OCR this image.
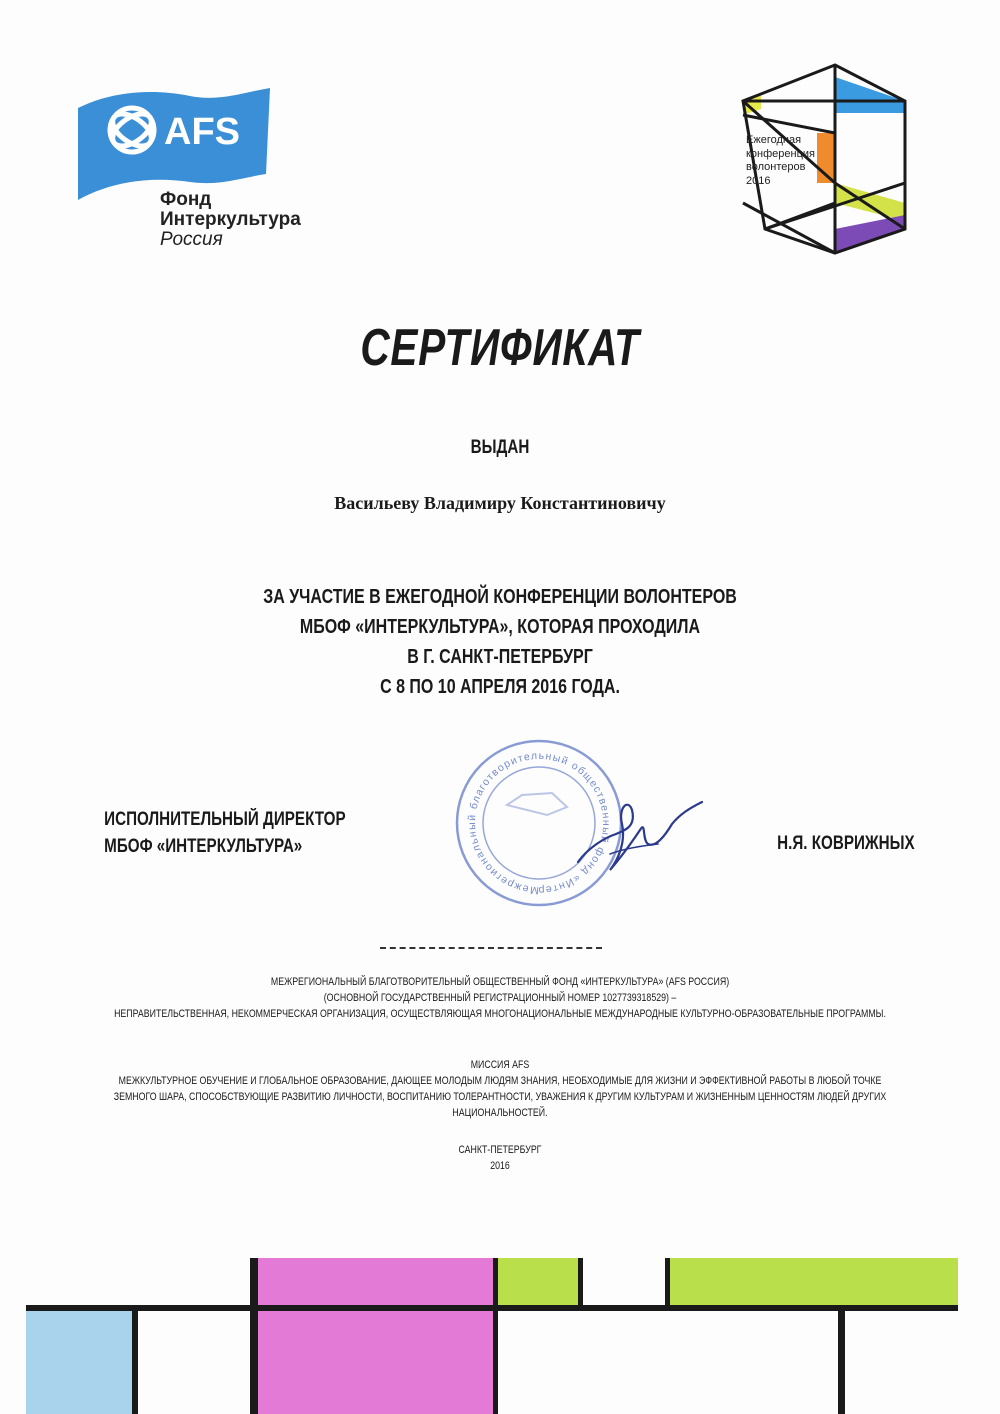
AFS
Фонд
Интеркультура
Россия
Ежегодная
конференция
волонтеров
2016
СЕРТИФИКАТ
ВЫДАН
Васильеву Владимиру Константиновичу
ЗА УЧАСТИЕ В ЕЖЕГОДНОЙ КОНФЕРЕНЦИИ ВОЛОНТЕРОВ
МБОФ «ИНТЕРКУЛЬТУРА», КОТОРАЯ ПРОХОДИЛА
В Г. САНКТ-ПЕТЕРБУРГ
С 8 ПО 10 АПРЕЛЯ 2016 ГОДА.
ИСПОЛНИТЕЛЬНЫЙ ДИРЕКТОР
МБОФ «ИНТЕРКУЛЬТУРА»	Н.Я. КОВРИЖНЫХ
Межрегиональный благотворительный общественный фонд «Интер
МЕЖРЕГИОНАЛЬНЫЙ БЛАГОТВОРИТЕЛЬНЫЙ ОБЩЕСТВЕННЫЙ ФОНД «ИНТЕРКУЛЬТУРА» (AFS РОССИЯ)
(ОСНОВНОЙ ГОСУДАРСТВЕННЫЙ РЕГИСТРАЦИОННЫЙ НОМЕР 1027739318529) –
НЕПРАВИТЕЛЬСТВЕННАЯ, НЕКОММЕРЧЕСКАЯ ОРГАНИЗАЦИЯ, ОСУЩЕСТВЛЯЮЩАЯ МНОГОНАЦИОНАЛЬНЫЕ МЕЖДУНАРОДНЫЕ КУЛЬТУРНО-ОБРАЗОВАТЕЛЬНЫЕ ПРОГРАММЫ.
МИССИЯ AFS
МЕЖКУЛЬТУРНОЕ ОБУЧЕНИЕ И ГЛОБАЛЬНОЕ ОБРАЗОВАНИЕ, ДАЮЩЕЕ МОЛОДЫМ ЛЮДЯМ ЗНАНИЯ, НЕОБХОДИМЫЕ ДЛЯ ЖИЗНИ И ЭФФЕКТИВНОЙ РАБОТЫ В ЛЮБОЙ ТОЧКЕ
ЗЕМНОГО ШАРА, СПОСОБСТВУЮЩИЕ РАЗВИТИЮ ЛИЧНОСТИ, ВОСПИТАНИЮ ТОЛЕРАНТНОСТИ, УВАЖЕНИЯ К ДРУГИМ КУЛЬТУРАМ И ЖИЗНЕННЫМ ЦЕННОСТЯМ ЛЮДЕЙ ДРУГИХ
НАЦИОНАЛЬНОСТЕЙ.
САНКТ-ПЕТЕРБУРГ
2016
